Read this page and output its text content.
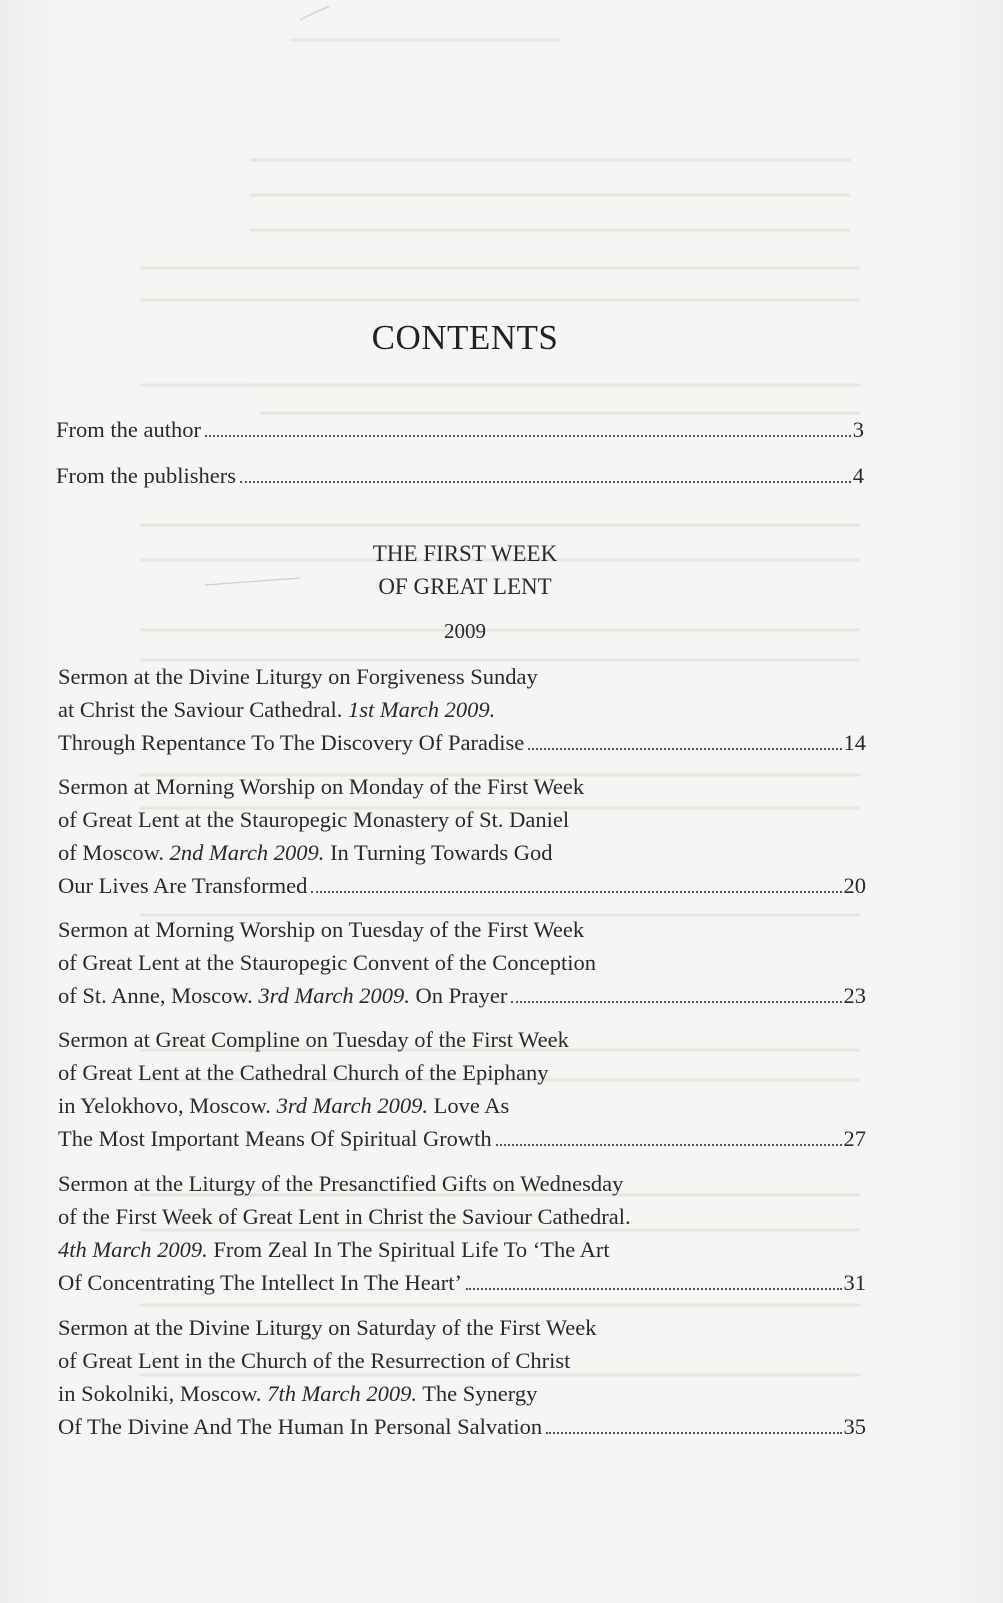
CONTENTS
From the author	3
From the publishers	4
THE FIRST WEEK
OF GREAT LENT
2009
Sermon at the Divine Liturgy on Forgiveness Sunday
at Christ the Saviour Cathedral. 1st March 2009.
Through Repentance To The Discovery Of Paradise	14
Sermon at Morning Worship on Monday of the First Week
of Great Lent at the Stauropegic Monastery of St. Daniel
of Moscow. 2nd March 2009. In Turning Towards God
Our Lives Are Transformed	20
Sermon at Morning Worship on Tuesday of the First Week
of Great Lent at the Stauropegic Convent of the Conception
of St. Anne, Moscow. 3rd March 2009. On Prayer	23
Sermon at Great Compline on Tuesday of the First Week
of Great Lent at the Cathedral Church of the Epiphany
in Yelokhovo, Moscow. 3rd March 2009. Love As
The Most Important Means Of Spiritual Growth	27
Sermon at the Liturgy of the Presanctified Gifts on Wednesday
of the First Week of Great Lent in Christ the Saviour Cathedral.
4th March 2009. From Zeal In The Spiritual Life To ‘The Art
Of Concentrating The Intellect In The Heart’	31
Sermon at the Divine Liturgy on Saturday of the First Week
of Great Lent in the Church of the Resurrection of Christ
in Sokolniki, Moscow. 7th March 2009. The Synergy
Of The Divine And The Human In Personal Salvation	35
